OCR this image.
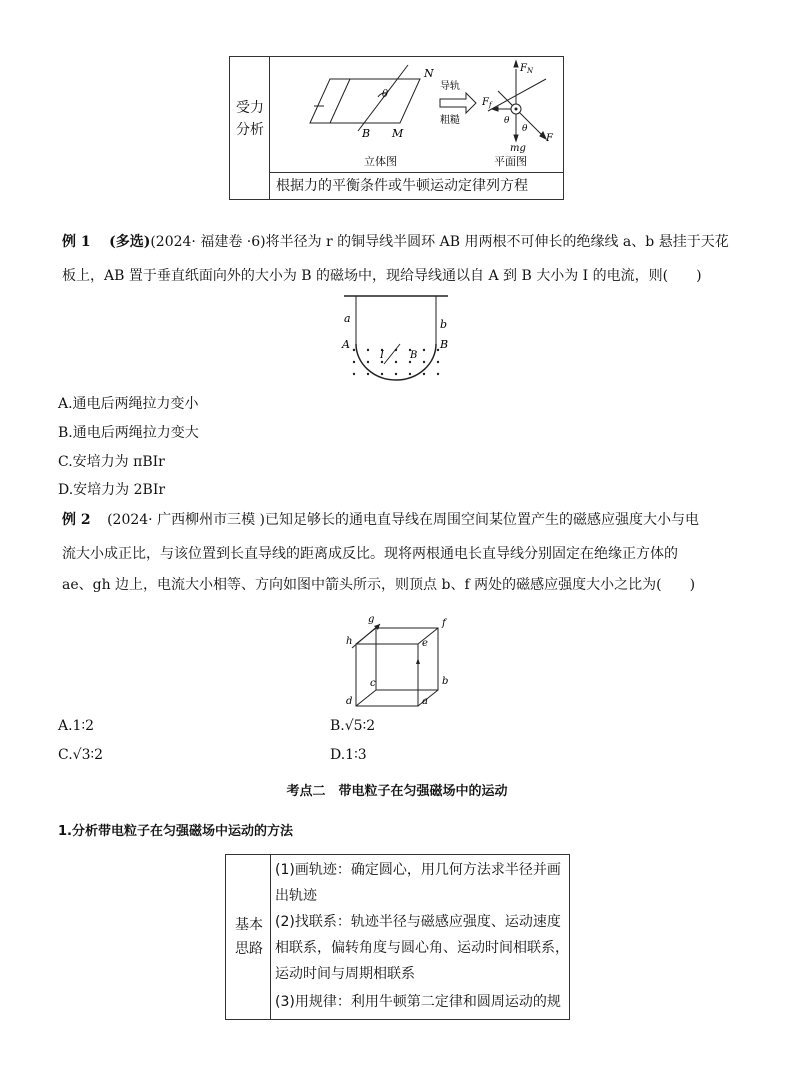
受力分析
N
B M
θ
立体图
导轨
粗糙
$F_N$
$F_f$
F
mg
θ
θ
平面图
根据力的平衡条件或牛顿运动定律列方程
例 1 (多选)(2024· 福建卷 ·6)将半径为 r 的铜导线半圆环 AB 用两根不可伸长的绝缘线 a、b 悬挂于天花
板上，AB 置于垂直纸面向外的大小为 B 的磁场中，现给导线通以自 A 到 B 大小为 I 的电流，则(　　)
a	b
A	B
I	B
A.通电后两绳拉力变小
B.通电后两绳拉力变大
C.安培力为 πBIr
D.安培力为 2BIr
例 2 (2024· 广西柳州市三模 )已知足够长的通电直导线在周围空间某位置产生的磁感应强度大小与电
流大小成正比，与该位置到长直导线的距离成反比。现将两根通电长直导线分别固定在绝缘正方体的
ae、gh 边上，电流大小相等、方向如图中箭头所示，则顶点 b、f 两处的磁感应强度大小之比为(　　)
g	f
h	e
c	b
d	a
A.1∶2	B.√5∶2
C.√3∶2	D.1∶3
考点二　带电粒子在匀强磁场中的运动
1.分析带电粒子在匀强磁场中运动的方法
基本思路
(1)画轨迹：确定圆心，用几何方法求半径并画
出轨迹
(2)找联系：轨迹半径与磁感应强度、运动速度
相联系，偏转角度与圆心角、运动时间相联系，
运动时间与周期相联系
(3)用规律：利用牛顿第二定律和圆周运动的规
